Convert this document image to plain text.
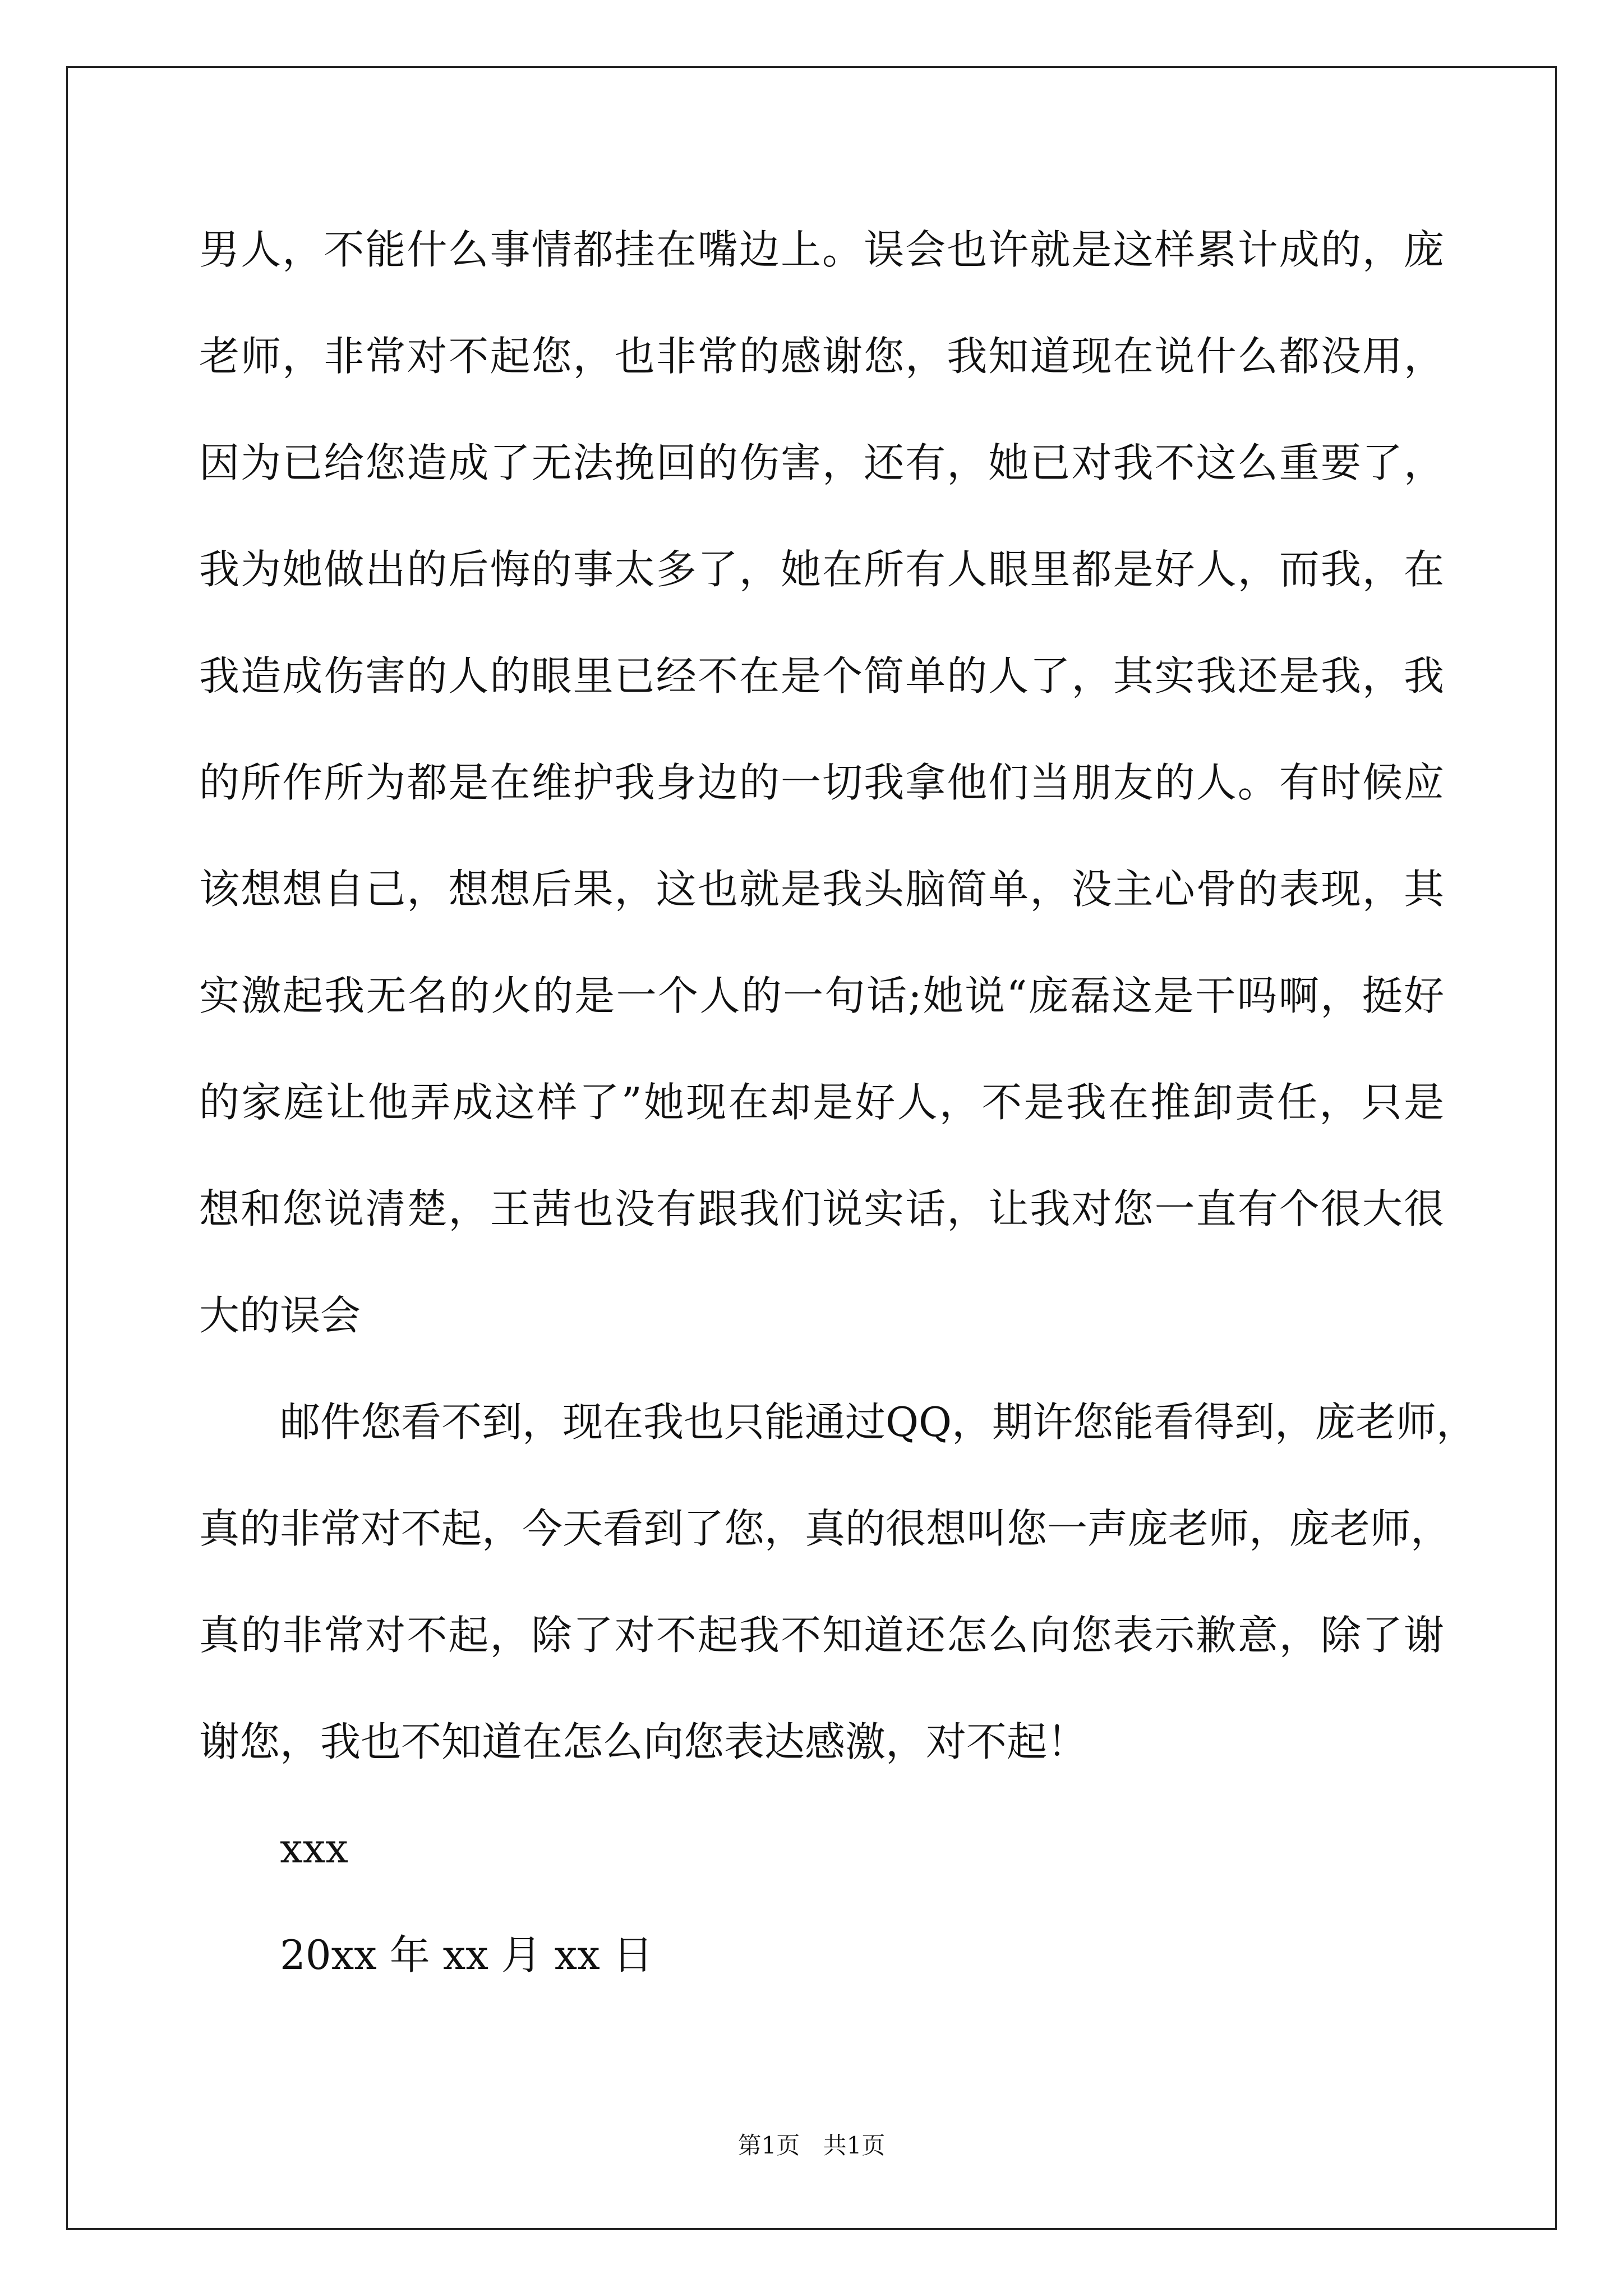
男人，不能什么事情都挂在嘴边上。误会也许就是这样累计成的，庞
老师，非常对不起您，也非常的感谢您，我知道现在说什么都没用，
因为已给您造成了无法挽回的伤害，还有，她已对我不这么重要了，
我为她做出的后悔的事太多了，她在所有人眼里都是好人，而我，在
我造成伤害的人的眼里已经不在是个简单的人了，其实我还是我，我
的所作所为都是在维护我身边的一切我拿他们当朋友的人。有时候应
该想想自己，想想后果，这也就是我头脑简单，没主心骨的表现，其
实激起我无名的火的是一个人的一句话;她说“庞磊这是干吗啊，挺好
的家庭让他弄成这样了”她现在却是好人，不是我在推卸责任，只是
想和您说清楚，王茜也没有跟我们说实话，让我对您一直有个很大很
大的误会
邮件您看不到，现在我也只能通过QQ，期许您能看得到，庞老师，
真的非常对不起，今天看到了您，真的很想叫您一声庞老师，庞老师，
真的非常对不起，除了对不起我不知道还怎么向您表示歉意，除了谢
谢您，我也不知道在怎么向您表达感激，对不起！
xxx
20xx 年 xx 月 xx 日
第1页 共1页
